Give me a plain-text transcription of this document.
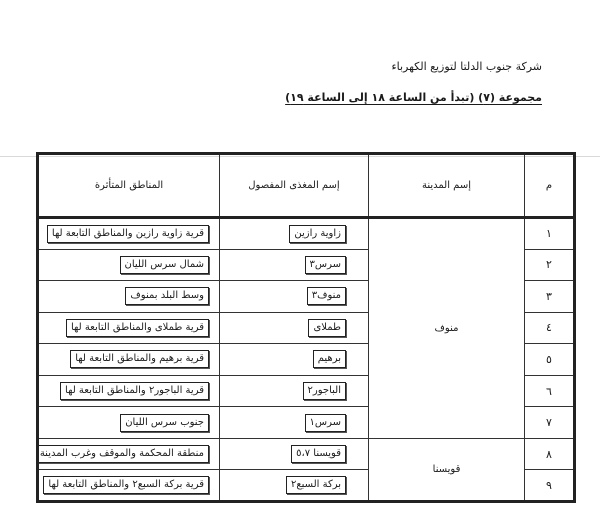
شركة جنوب الدلتا لتوزيع الكهرباء
مجموعة (٧) (تبدأ من الساعة ١٨ إلى الساعة ١٩)
م	إسم المدينة	إسم المغذى المفصول	المناطق المتأثرة
١	منوف	زاوية رازين	قرية زاوية رازين والمناطق التابعة لها
٢		سرس٣	شمال سرس الليان
٣		منوف٣	وسط البلد بمنوف
٤		طملاى	قرية طملاى والمناطق التابعة لها
٥		برهيم	قرية برهيم والمناطق التابعة لها
٦		الباجور٢	قرية الباجور٢ والمناطق التابعة لها
٧		سرس١	جنوب سرس الليان
٨	قويسنا	قويسنا ٥،٧	منطقة المحكمة والموقف وغرب المدينة
٩		بركة السبع٢	قرية بركة السبع٢ والمناطق التابعة لها
